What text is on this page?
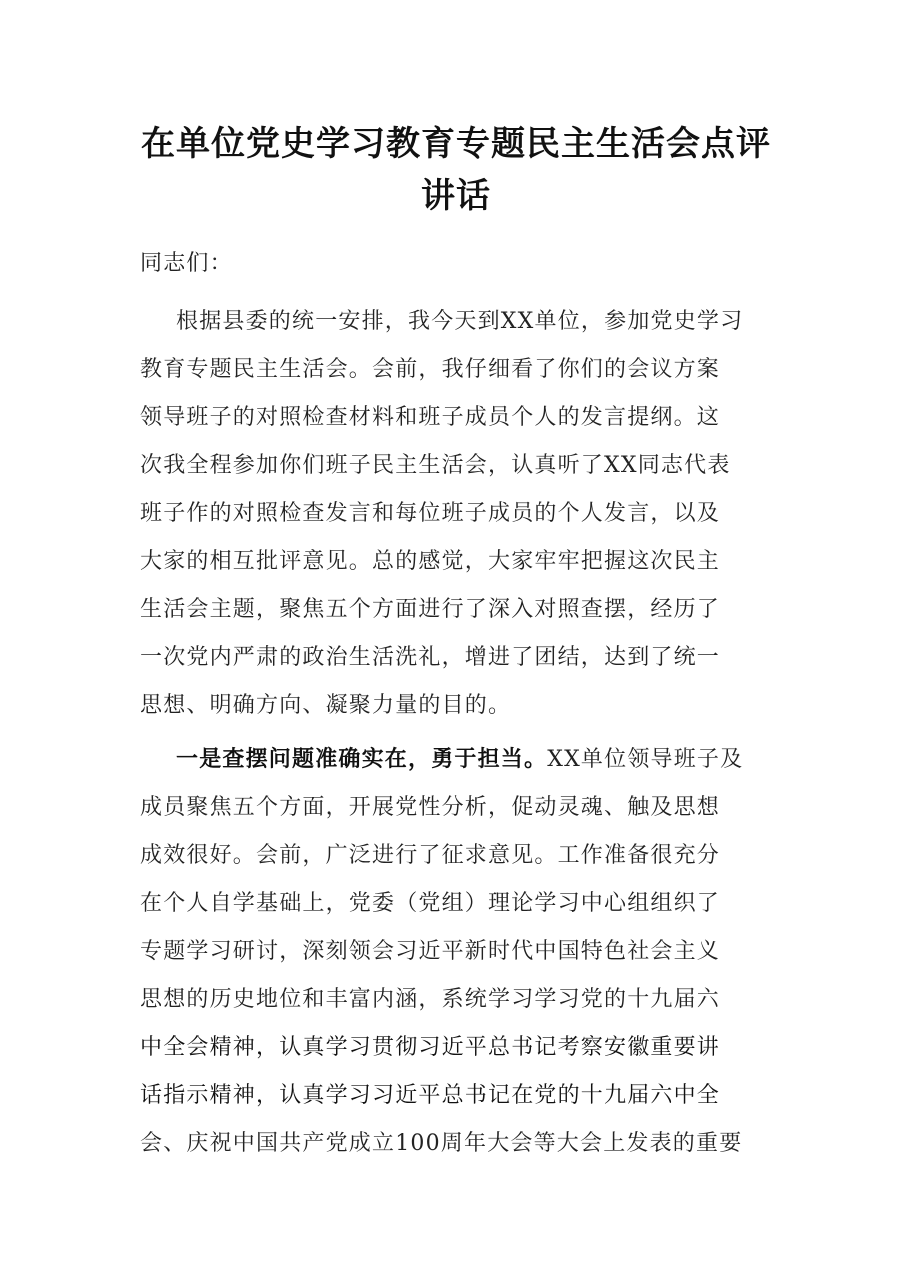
在单位党史学习教育专题民主生活会点评
讲话
同志们：
根据县委的统一安排，我今天到XX单位，参加党史学习
教育专题民主生活会。会前，我仔细看了你们的会议方案
领导班子的对照检查材料和班子成员个人的发言提纲。这
次我全程参加你们班子民主生活会，认真听了XX同志代表
班子作的对照检查发言和每位班子成员的个人发言，以及
大家的相互批评意见。总的感觉，大家牢牢把握这次民主
生活会主题，聚焦五个方面进行了深入对照查摆，经历了
一次党内严肃的政治生活洗礼，增进了团结，达到了统一
思想、明确方向、凝聚力量的目的。
一是查摆问题准确实在，勇于担当。XX单位领导班子及
成员聚焦五个方面，开展党性分析，促动灵魂、触及思想
成效很好。会前，广泛进行了征求意见。工作准备很充分
在个人自学基础上，党委（党组）理论学习中心组组织了
专题学习研讨，深刻领会习近平新时代中国特色社会主义
思想的历史地位和丰富内涵，系统学习学习党的十九届六
中全会精神，认真学习贯彻习近平总书记考察安徽重要讲
话指示精神，认真学习习近平总书记在党的十九届六中全
会、庆祝中国共产党成立100周年大会等大会上发表的重要
